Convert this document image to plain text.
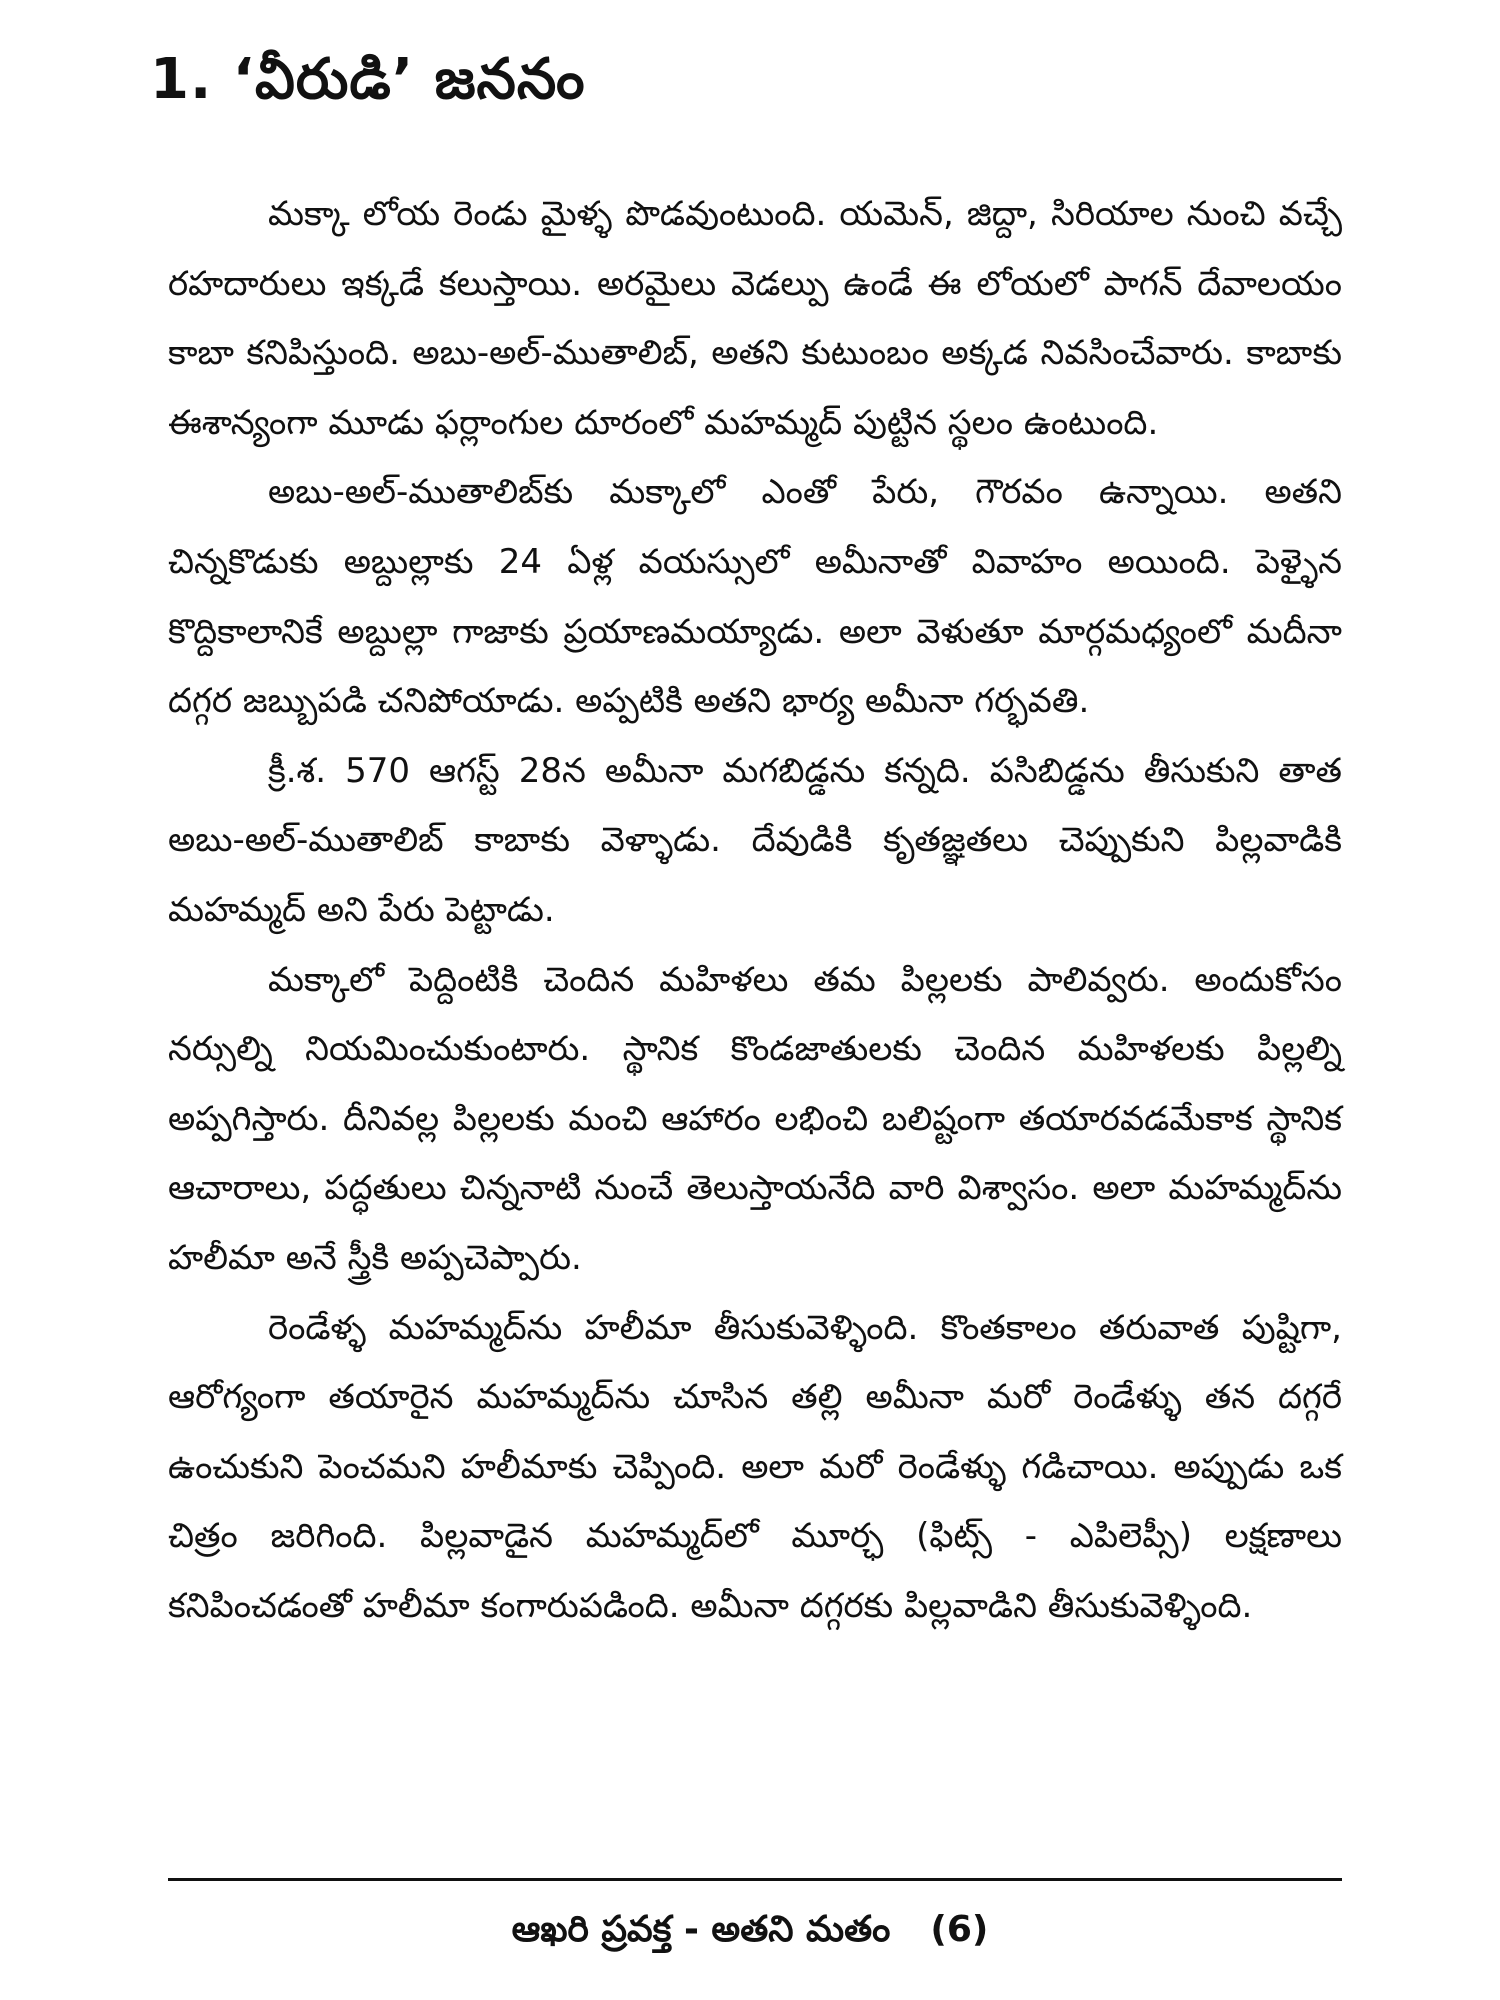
1. ‘వీరుడి’ జననం

మక్కా లోయ రెండు మైళ్ళ పొడవుంటుంది. యమెన్, జిద్దా, సిరియాల నుంచి వచ్చే రహదారులు ఇక్కడే కలుస్తాయి. అరమైలు వెడల్పు ఉండే ఈ లోయలో పాగన్ దేవాలయం కాబా కనిపిస్తుంది. అబు-అల్-ముతాలిబ్, అతని కుటుంబం అక్కడ నివసించేవారు. కాబాకు ఈశాన్యంగా మూడు ఫర్లాంగుల దూరంలో మహమ్మద్ పుట్టిన స్థలం ఉంటుంది.

అబు-అల్-ముతాలిబ్‌కు మక్కాలో ఎంతో పేరు, గౌరవం ఉన్నాయి. అతని చిన్నకొడుకు అబ్దుల్లాకు 24 ఏళ్ల వయస్సులో అమీనాతో వివాహం అయింది. పెళ్ళైన కొద్దికాలానికే అబ్దుల్లా గాజాకు ప్రయాణమయ్యాడు. అలా వెళుతూ మార్గమధ్యంలో మదీనా దగ్గర జబ్బుపడి చనిపోయాడు. అప్పటికి అతని భార్య అమీనా గర్భవతి.

క్రీ.శ. 570 ఆగస్ట్ 28న అమీనా మగబిడ్డను కన్నది. పసిబిడ్డను తీసుకుని తాత అబు-అల్-ముతాలిబ్ కాబాకు వెళ్ళాడు. దేవుడికి కృతజ్ఞతలు చెప్పుకుని పిల్లవాడికి మహమ్మద్ అని పేరు పెట్టాడు.

మక్కాలో పెద్దింటికి చెందిన మహిళలు తమ పిల్లలకు పాలివ్వరు. అందుకోసం నర్సుల్ని నియమించుకుంటారు. స్థానిక కొండజాతులకు చెందిన మహిళలకు పిల్లల్ని అప్పగిస్తారు. దీనివల్ల పిల్లలకు మంచి ఆహారం లభించి బలిష్టంగా తయారవడమేకాక స్థానిక ఆచారాలు, పద్ధతులు చిన్ననాటి నుంచే తెలుస్తాయనేది వారి విశ్వాసం. అలా మహమ్మద్‌ను హలీమా అనే స్త్రీకి అప్పచెప్పారు.

రెండేళ్ళ మహమ్మద్‌ను హలీమా తీసుకువెళ్ళింది. కొంతకాలం తరువాత పుష్టిగా, ఆరోగ్యంగా తయారైన మహమ్మద్‌ను చూసిన తల్లి అమీనా మరో రెండేళ్ళు తన దగ్గరే ఉంచుకుని పెంచమని హలీమాకు చెప్పింది. అలా మరో రెండేళ్ళు గడిచాయి. అప్పుడు ఒక చిత్రం జరిగింది. పిల్లవాడైన మహమ్మద్‌లో మూర్ఛ (ఫిట్స్ - ఎపిలెప్సీ) లక్షణాలు కనిపించడంతో హలీమా కంగారుపడింది. అమీనా దగ్గరకు పిల్లవాడిని తీసుకువెళ్ళింది.

ఆఖరి ప్రవక్త - అతని మతం (6)
